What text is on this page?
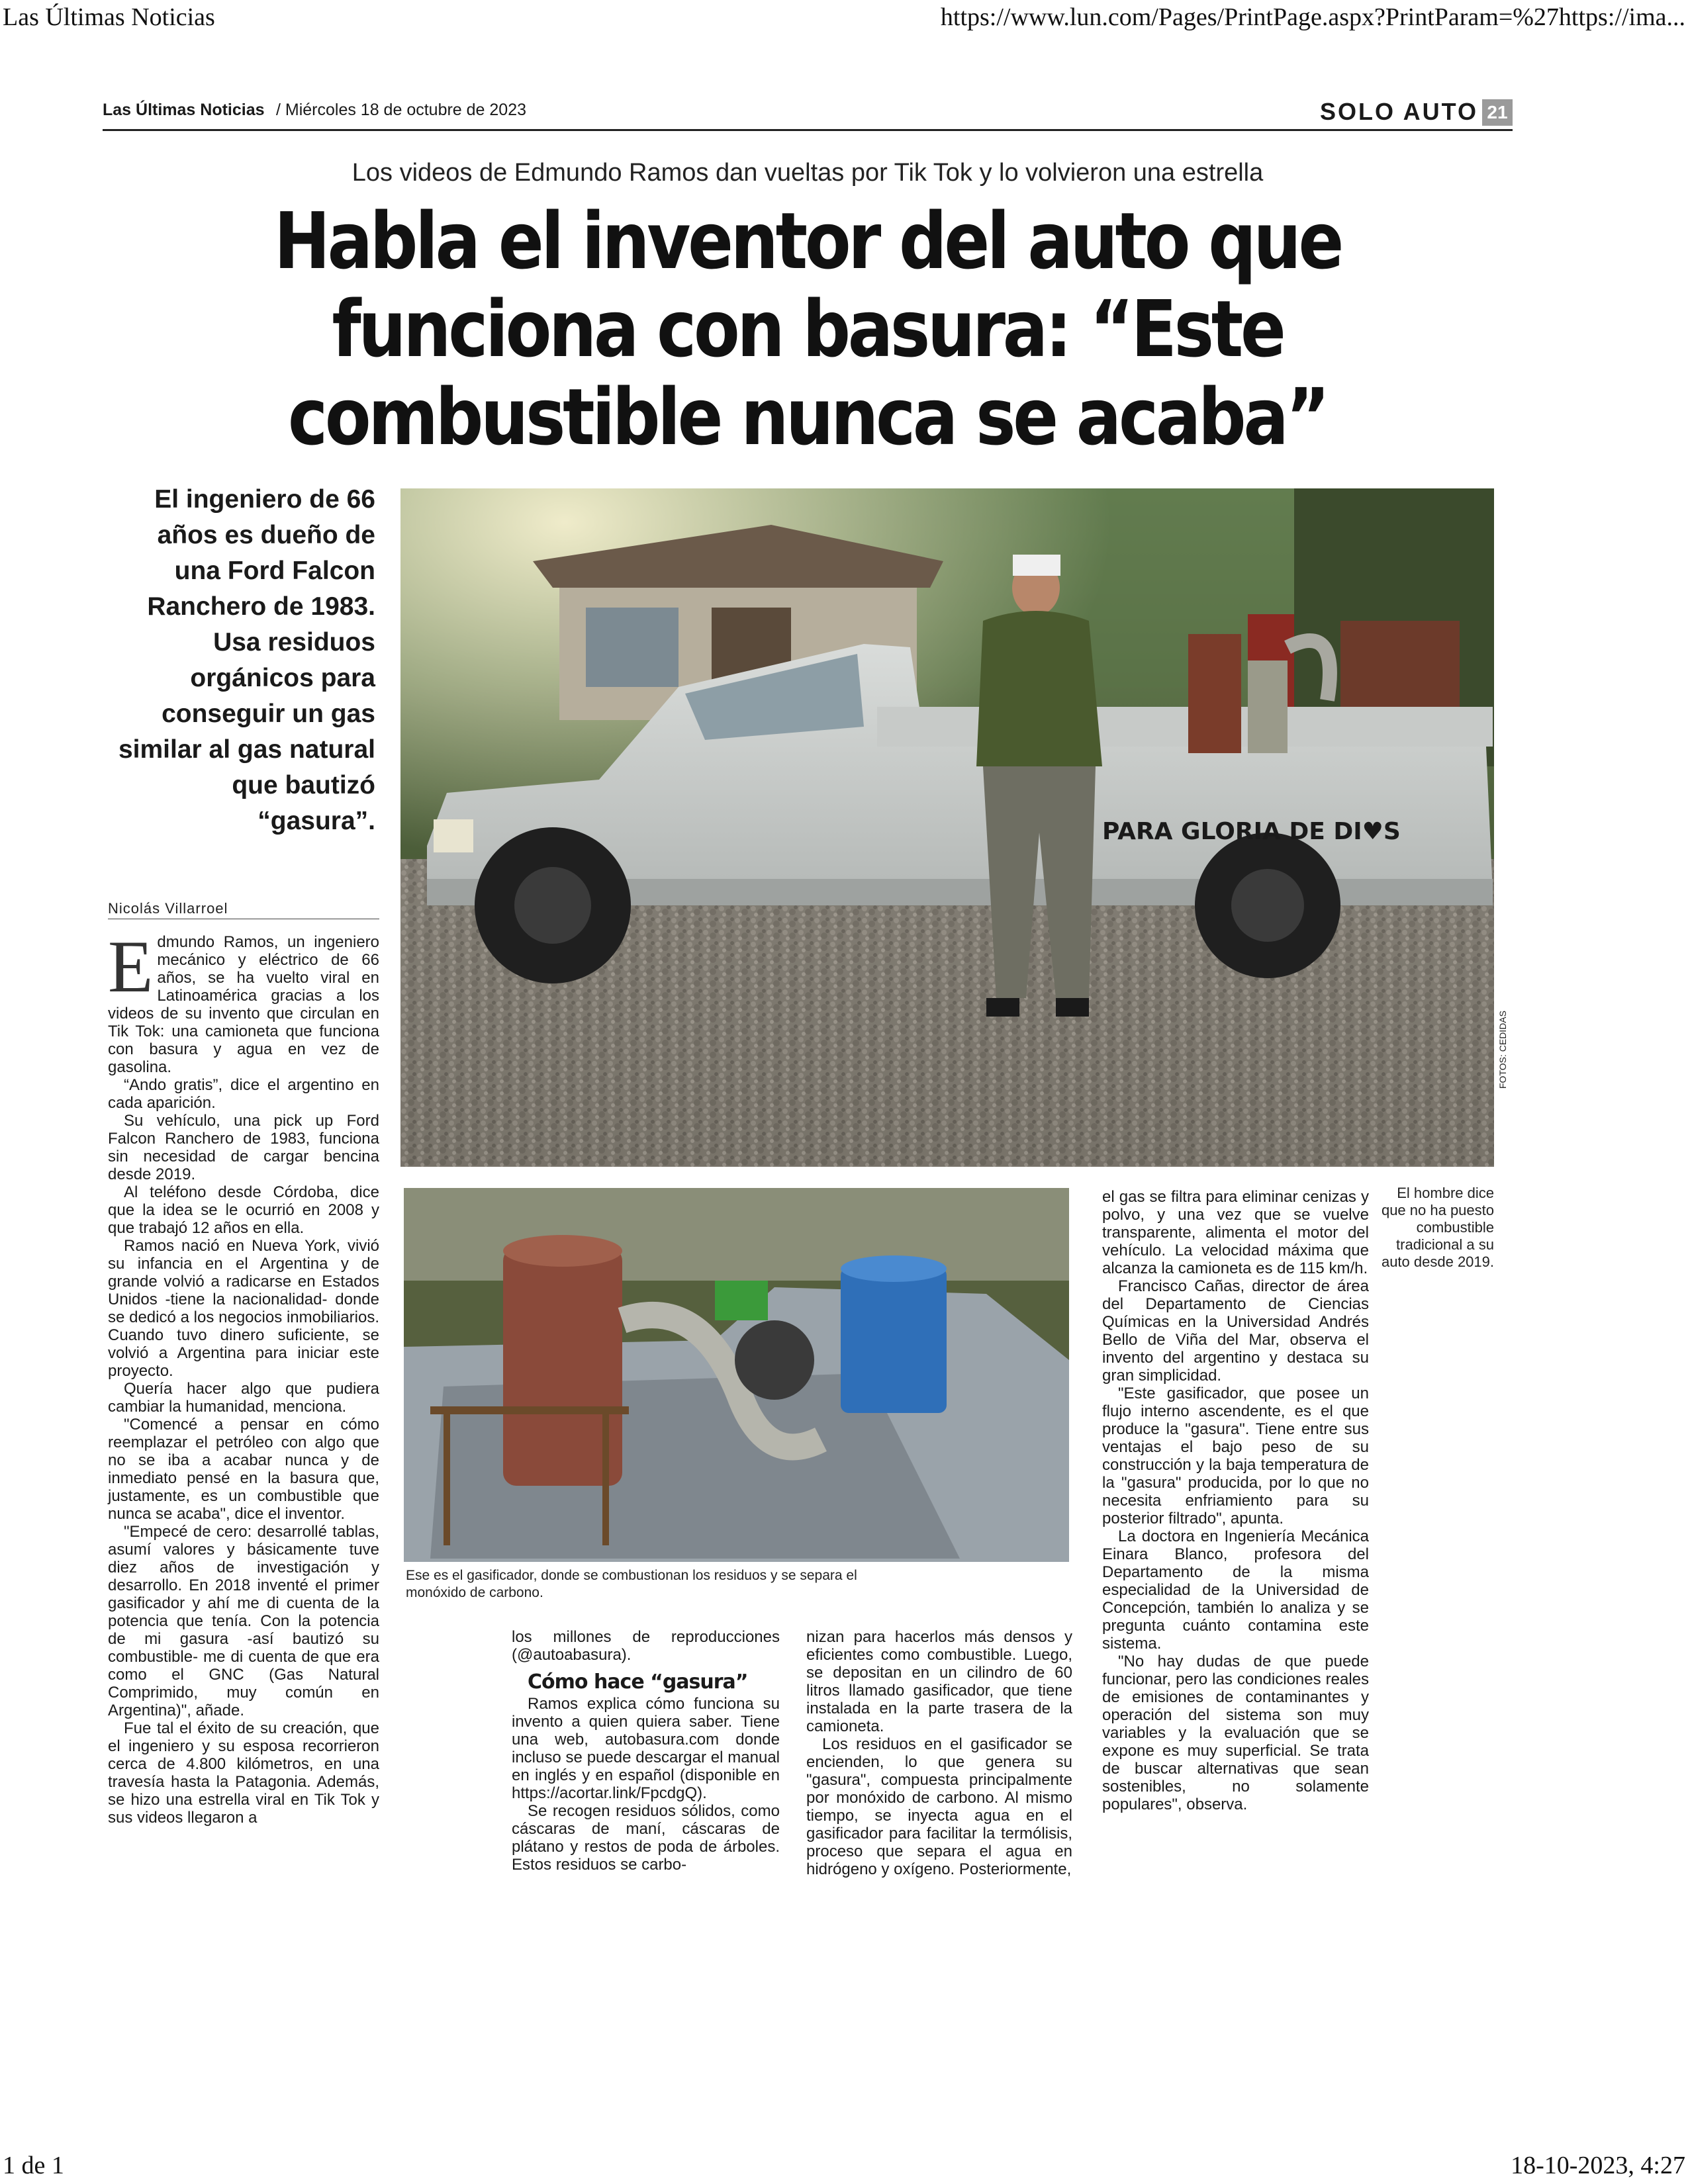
Las Últimas Noticias	https://www.lun.com/Pages/PrintPage.aspx?PrintParam=%27https://ima...
1 de 1	18-10-2023, 4:27
Las Últimas Noticias / Miércoles 18 de octubre de 2023	SOLO AUTO 21
Los videos de Edmundo Ramos dan vueltas por Tik Tok y lo volvieron una estrella
Habla el inventor del auto que funciona con basura: “Este combustible nunca se acaba”
El ingeniero de 66 años es dueño de una Ford Falcon Ranchero de 1983. Usa residuos orgánicos para conseguir un gas similar al gas natural que bautizó “gasura”.	PARA GLORIA DE DI♥S
FOTOS: CEDIDAS
El hombre dice que no ha puesto combustible tradicional a su auto desde 2019.
Ese es el gasificador, donde se combustionan los residuos y se separa el monóxido de carbono.
Nicolás Villarroel

Edmundo Ramos, un ingeniero mecánico y eléctrico de 66 años, se ha vuelto viral en Latinoamérica gracias a los videos de su invento que circulan en Tik Tok: una camioneta que funciona con basura y agua en vez de gasolina.

“Ando gratis”, dice el argentino en cada aparición.

Su vehículo, una pick up Ford Falcon Ranchero de 1983, funciona sin necesidad de cargar bencina desde 2019.

Al teléfono desde Córdoba, dice que la idea se le ocurrió en 2008 y que trabajó 12 años en ella.

Ramos nació en Nueva York, vivió su infancia en el Argentina y de grande volvió a radicarse en Estados Unidos -tiene la nacionalidad- donde se dedicó a los negocios inmobiliarios. Cuando tuvo dinero suficiente, se volvió a Argentina para iniciar este proyecto.

Quería hacer algo que pudiera cambiar la humanidad, menciona.

"Comencé a pensar en cómo reemplazar el petróleo con algo que no se iba a acabar nunca y de inmediato pensé en la basura que, justamente, es un combustible que nunca se acaba", dice el inventor.

"Empecé de cero: desarrollé tablas, asumí valores y básicamente tuve diez años de investigación y desarrollo. En 2018 inventé el primer gasificador y ahí me di cuenta de la potencia que tenía. Con la potencia de mi gasura -así bautizó su combustible- me di cuenta de que era como el GNC (Gas Natural Comprimido, muy común en Argentina)", añade.

Fue tal el éxito de su creación, que el ingeniero y su esposa recorrieron cerca de 4.800 kilómetros, en una travesía hasta la Patagonia. Además, se hizo una estrella viral en Tik Tok y sus videos llegaron a

los millones de reproducciones (@autoabasura).

Cómo hace “gasura”

Ramos explica cómo funciona su invento a quien quiera saber. Tiene una web, autobasura.com donde incluso se puede descargar el manual en inglés y en español (disponible en https://acortar.link/FpcdgQ).

Se recogen residuos sólidos, como cáscaras de maní, cáscaras de plátano y restos de poda de árboles. Estos residuos se carbo-

nizan para hacerlos más densos y eficientes como combustible. Luego, se depositan en un cilindro de 60 litros llamado gasificador, que tiene instalada en la parte trasera de la camioneta.

Los residuos en el gasificador se encienden, lo que genera su "gasura", compuesta principalmente por monóxido de carbono. Al mismo tiempo, se inyecta agua en el gasificador para facilitar la termólisis, proceso que separa el agua en hidrógeno y oxígeno. Posteriormente,

el gas se filtra para eliminar cenizas y polvo, y una vez que se vuelve transparente, alimenta el motor del vehículo. La velocidad máxima que alcanza la camioneta es de 115 km/h.

Francisco Cañas, director de área del Departamento de Ciencias Químicas en la Universidad Andrés Bello de Viña del Mar, observa el invento del argentino y destaca su gran simplicidad.

"Este gasificador, que posee un flujo interno ascendente, es el que produce la "gasura". Tiene entre sus ventajas el bajo peso de su construcción y la baja temperatura de la "gasura" producida, por lo que no necesita enfriamiento para su posterior filtrado", apunta.

La doctora en Ingeniería Mecánica Einara Blanco, profesora del Departamento de la misma especialidad de la Universidad de Concepción, también lo analiza y se pregunta cuánto contamina este sistema.

"No hay dudas de que puede funcionar, pero las condiciones reales de emisiones de contaminantes y operación del sistema son muy variables y la evaluación que se expone es muy superficial. Se trata de buscar alternativas que sean sostenibles, no solamente populares", observa.
